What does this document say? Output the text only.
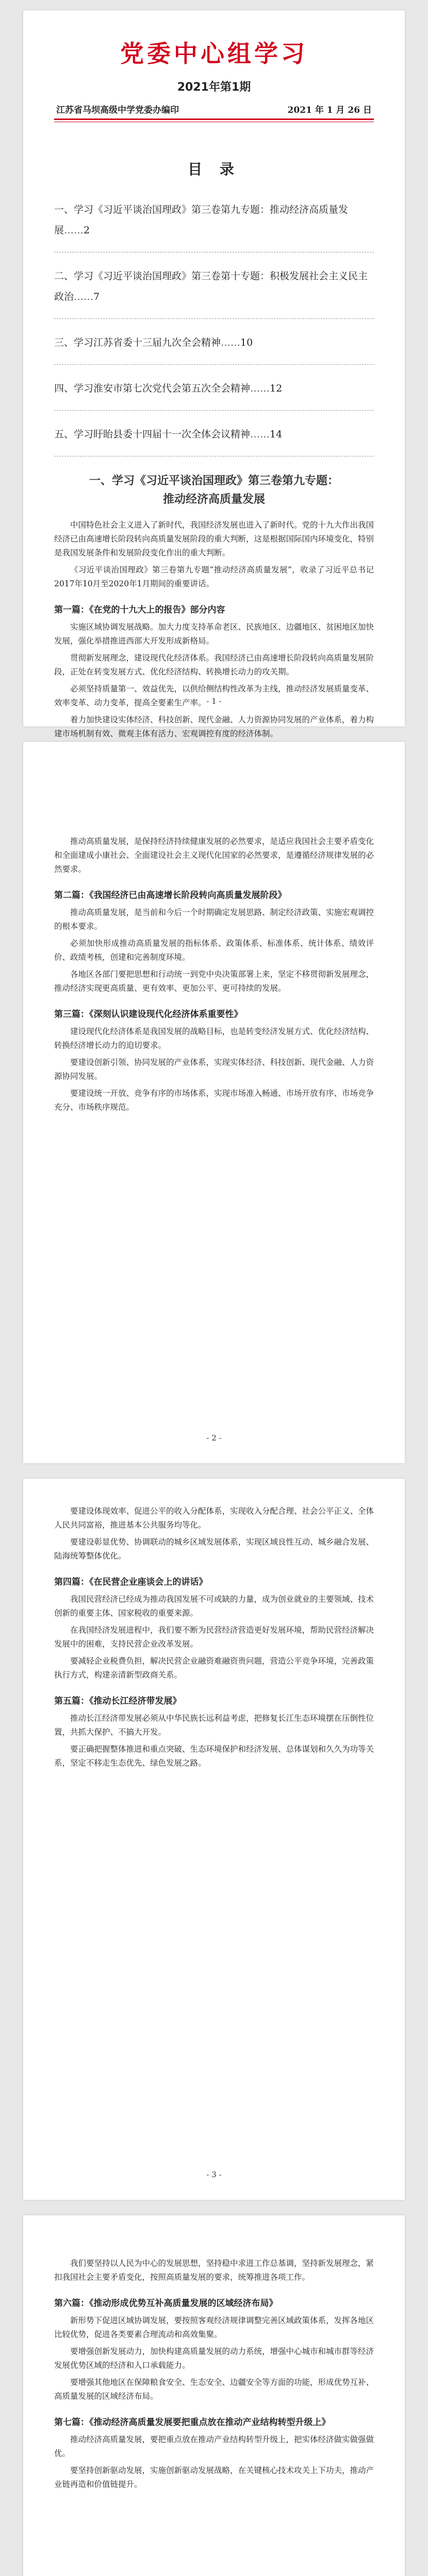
党委中心组学习
2021年第1期
江苏省马坝高级中学党委办编印	2021 年 1 月 26 日
目 录
一、学习《习近平谈治国理政》第三卷第九专题：推动经济高质量发展……2
二、学习《习近平谈治国理政》第三卷第十专题：积极发展社会主义民主政治……7
三、学习江苏省委十三届九次全会精神……10
四、学习淮安市第七次党代会第五次全会精神……12
五、学习盱眙县委十四届十一次全体会议精神……14
一、学习《习近平谈治国理政》第三卷第九专题：
推动经济高质量发展

中国特色社会主义进入了新时代，我国经济发展也进入了新时代。党的十九大作出我国经济已由高速增长阶段转向高质量发展阶段的重大判断，这是根据国际国内环境变化，特别是我国发展条件和发展阶段变化作出的重大判断。

《习近平谈治国理政》第三卷第九专题“推动经济高质量发展”，收录了习近平总书记2017年10月至2020年1月期间的重要讲话。

第一篇：《在党的十九大上的报告》部分内容

实施区域协调发展战略。加大力度支持革命老区、民族地区、边疆地区、贫困地区加快发展，强化举措推进西部大开发形成新格局。

贯彻新发展理念，建设现代化经济体系。我国经济已由高速增长阶段转向高质量发展阶段，正处在转变发展方式、优化经济结构、转换增长动力的攻关期。

必须坚持质量第一、效益优先，以供给侧结构性改革为主线，推动经济发展质量变革、效率变革、动力变革，提高全要素生产率。

着力加快建设实体经济、科技创新、现代金融、人力资源协同发展的产业体系，着力构建市场机制有效、微观主体有活力、宏观调控有度的经济体制。

- 1 -

推动高质量发展，是保持经济持续健康发展的必然要求，是适应我国社会主要矛盾变化和全面建成小康社会、全面建设社会主义现代化国家的必然要求，是遵循经济规律发展的必然要求。

第二篇：《我国经济已由高速增长阶段转向高质量发展阶段》

推动高质量发展，是当前和今后一个时期确定发展思路、制定经济政策、实施宏观调控的根本要求。

必须加快形成推动高质量发展的指标体系、政策体系、标准体系、统计体系、绩效评价、政绩考核，创建和完善制度环境。

各地区各部门要把思想和行动统一到党中央决策部署上来，坚定不移贯彻新发展理念，推动经济实现更高质量、更有效率、更加公平、更可持续的发展。

第三篇：《深刻认识建设现代化经济体系重要性》

建设现代化经济体系是我国发展的战略目标，也是转变经济发展方式、优化经济结构、转换经济增长动力的迫切要求。

要建设创新引领、协同发展的产业体系，实现实体经济、科技创新、现代金融、人力资源协同发展。

要建设统一开放、竞争有序的市场体系，实现市场准入畅通、市场开放有序、市场竞争充分、市场秩序规范。

- 2 -

要建设体现效率、促进公平的收入分配体系，实现收入分配合理、社会公平正义、全体人民共同富裕，推进基本公共服务均等化。

要建设彰显优势、协调联动的城乡区域发展体系，实现区域良性互动、城乡融合发展、陆海统筹整体优化。

第四篇：《在民营企业座谈会上的讲话》

我国民营经济已经成为推动我国发展不可或缺的力量，成为创业就业的主要领域、技术创新的重要主体、国家税收的重要来源。

在我国经济发展进程中，我们要不断为民营经济营造更好发展环境，帮助民营经济解决发展中的困难，支持民营企业改革发展。

要减轻企业税费负担，解决民营企业融资难融资贵问题，营造公平竞争环境，完善政策执行方式，构建亲清新型政商关系。

第五篇：《推动长江经济带发展》

推动长江经济带发展必须从中华民族长远利益考虑，把修复长江生态环境摆在压倒性位置，共抓大保护、不搞大开发。

要正确把握整体推进和重点突破、生态环境保护和经济发展、总体谋划和久久为功等关系，坚定不移走生态优先、绿色发展之路。

- 3 -

我们要坚持以人民为中心的发展思想，坚持稳中求进工作总基调，坚持新发展理念，紧扣我国社会主要矛盾变化，按照高质量发展的要求，统筹推进各项工作。

第六篇：《推动形成优势互补高质量发展的区域经济布局》

新形势下促进区域协调发展，要按照客观经济规律调整完善区域政策体系，发挥各地区比较优势，促进各类要素合理流动和高效集聚。

要增强创新发展动力，加快构建高质量发展的动力系统，增强中心城市和城市群等经济发展优势区域的经济和人口承载能力。

要增强其他地区在保障粮食安全、生态安全、边疆安全等方面的功能，形成优势互补、高质量发展的区域经济布局。

第七篇：《推动经济高质量发展要把重点放在推动产业结构转型升级上》

推动经济高质量发展，要把重点放在推动产业结构转型升级上，把实体经济做实做强做优。

要坚持创新驱动发展，实施创新驱动发展战略，在关键核心技术攻关上下功夫，推动产业链再造和价值链提升。
